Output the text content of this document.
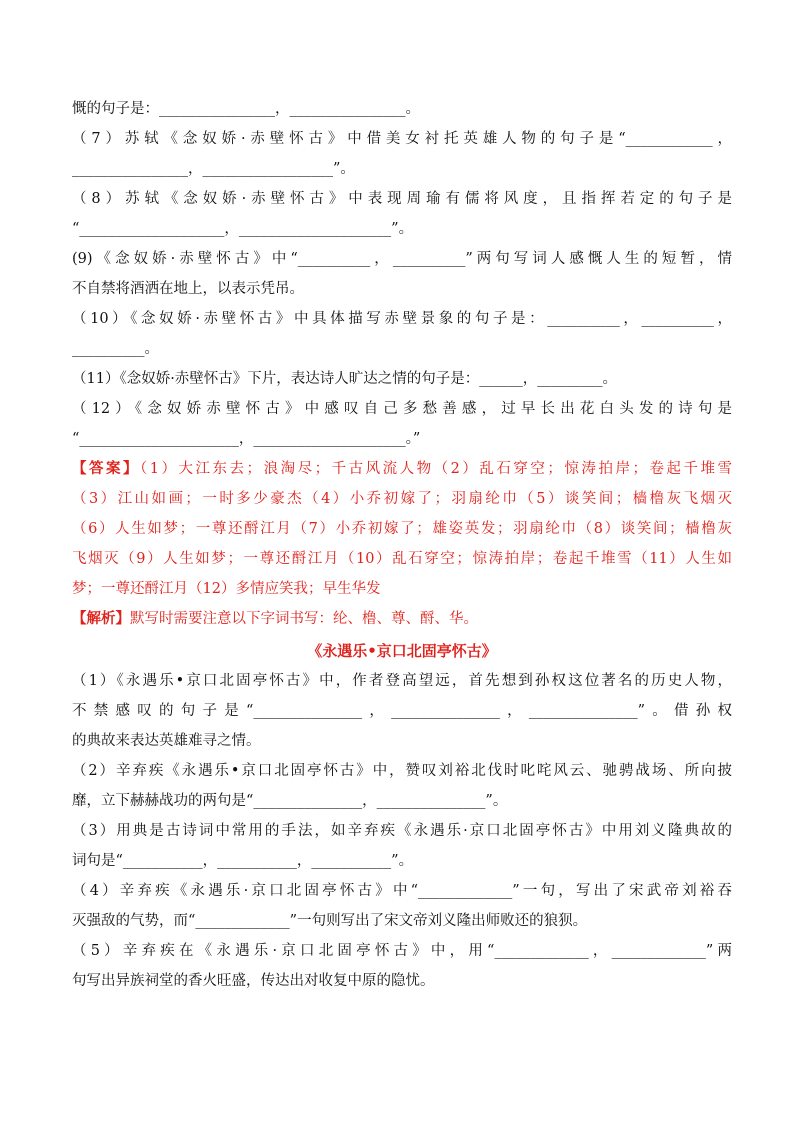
慨的句子是：________________，________________。
（7）苏轼《念奴娇·赤壁怀古》中借美女衬托英雄人物的句子是“____________，
________________，__________________”。
（8）苏轼《念奴娇·赤壁怀古》中表现周瑜有儒将风度，且指挥若定的句子是
“____________________，_____________________”。
(9)《念奴娇·赤壁怀古》中“__________，__________”两句写词人感慨人生的短暂，情
不自禁将酒洒在地上，以表示凭吊。
（10）《念奴娇·赤壁怀古》中具体描写赤壁景象的句子是：__________，__________，
__________。
（11）《念奴娇·赤壁怀古》下片，表达诗人旷达之情的句子是：______，_________。
（12）《念奴娇赤壁怀古》中感叹自己多愁善感，过早长出花白头发的诗句是
“______________________，_____________________。”
【答案】（1）大江东去；浪淘尽；千古风流人物（2）乱石穿空；惊涛拍岸；卷起千堆雪
（3）江山如画；一时多少豪杰（4）小乔初嫁了；羽扇纶巾（5）谈笑间；樯橹灰飞烟灭
（6）人生如梦；一尊还酹江月（7）小乔初嫁了；雄姿英发；羽扇纶巾（8）谈笑间；樯橹灰
飞烟灭（9）人生如梦；一尊还酹江月（10）乱石穿空；惊涛拍岸；卷起千堆雪（11）人生如
梦；一尊还酹江月（12）多情应笑我；早生华发
【解析】默写时需要注意以下字词书写：纶、橹、尊、酹、华。
《永遇乐•京口北固亭怀古》
（1）《永遇乐•京口北固亭怀古》中，作者登高望远，首先想到孙权这位著名的历史人物，
不禁感叹的句子是“_______________，_______________，_______________”。借孙权
的典故来表达英雄难寻之情。
（2）辛弃疾《永遇乐•京口北固亭怀古》中，赞叹刘裕北伐时叱咤风云、驰骋战场、所向披
靡，立下赫赫战功的两句是“_______________，_______________”。
（3）用典是古诗词中常用的手法，如辛弃疾《永遇乐·京口北固亭怀古》中用刘义隆典故的
词句是“___________，___________，___________”。
（4）辛弃疾《永遇乐·京口北固亭怀古》中“_____________”一句，写出了宋武帝刘裕吞
灭强敌的气势，而“_____________”一句则写出了宋文帝刘义隆出师败还的狼狈。
（5）辛弃疾在《永遇乐·京口北固亭怀古》中，用“_____________，_____________”两
句写出异族祠堂的香火旺盛，传达出对收复中原的隐忧。
